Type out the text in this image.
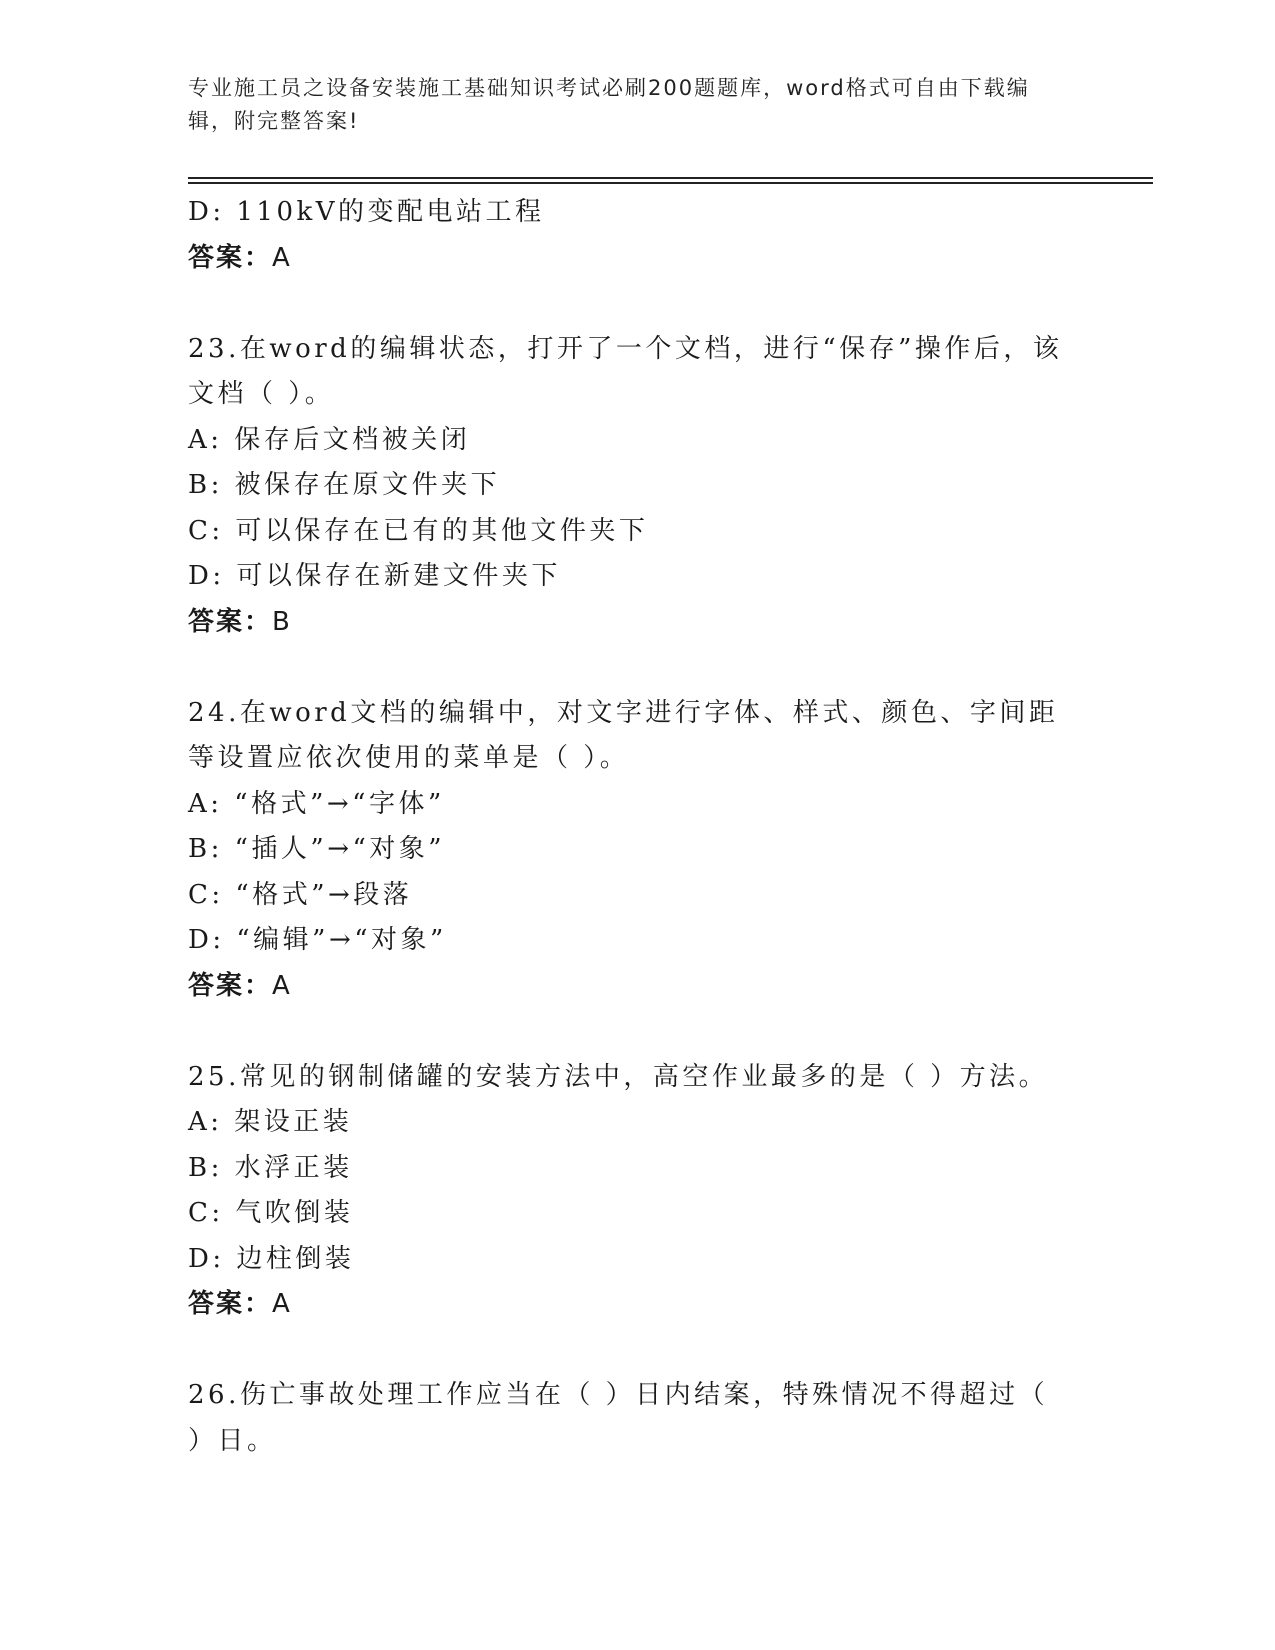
专业施工员之设备安装施工基础知识考试必刷200题题库，word格式可自由下载编辑，附完整答案!
D: 110kV的变配电站工程
答案：A
23.在word的编辑状态，打开了一个文档，进行“保存”操作后，该文档（ ）。
A: 保存后文档被关闭
B: 被保存在原文件夹下
C: 可以保存在已有的其他文件夹下
D: 可以保存在新建文件夹下
答案：B
24.在word文档的编辑中，对文字进行字体、样式、颜色、字间距等设置应依次使用的菜单是（ ）。
A: “格式”→“字体”
B: “插人”→“对象”
C: “格式”→段落
D: “编辑”→“对象”
答案：A
25.常见的钢制储罐的安装方法中，高空作业最多的是（ ）方法。
A: 架设正装
B: 水浮正装
C: 气吹倒装
D: 边柱倒装
答案：A
26.伤亡事故处理工作应当在（ ）日内结案，特殊情况不得超过（ ）日。
